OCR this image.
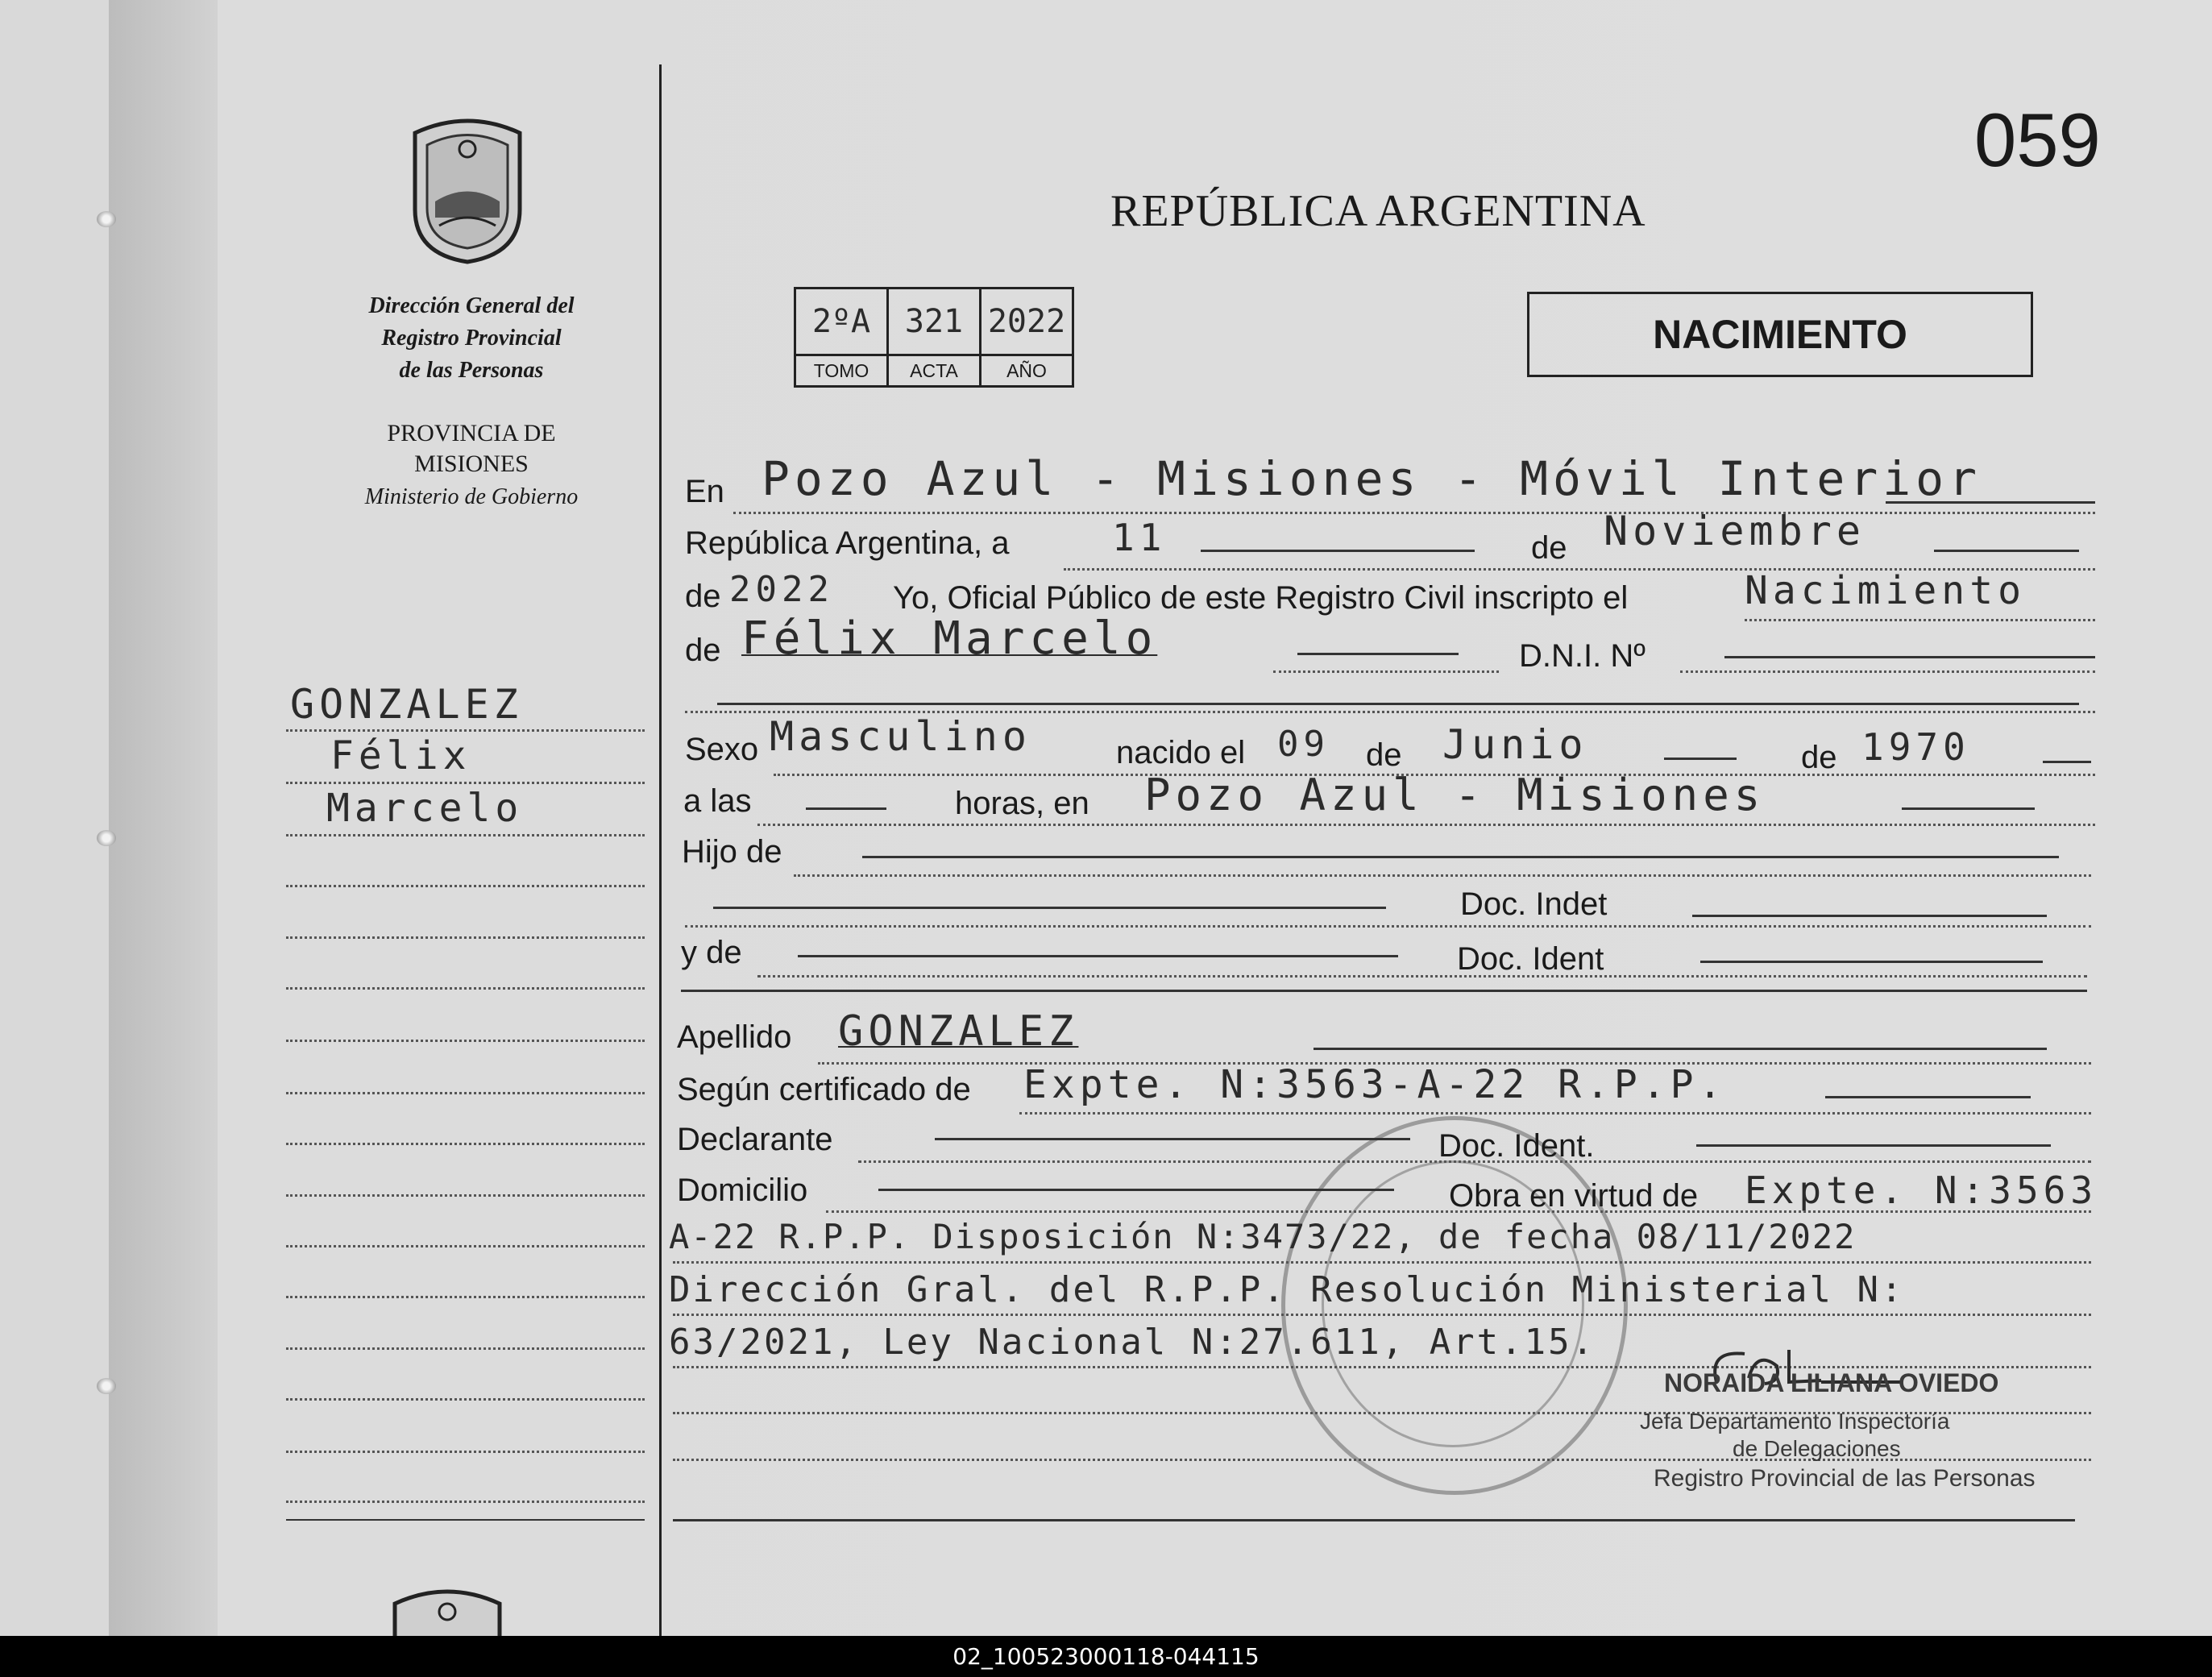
Dirección General del
Registro Provincial
de las Personas
PROVINCIA DE
MISIONES
Ministerio de Gobierno
GONZALEZ
Félix
Marcelo
059
REPÚBLICA ARGENTINA
NACIMIENTO
2ºA	321	2022
TOMO	ACTA	AÑO
En Pozo Azul - Misiones - Móvil Interior
República Argentina, a	11	de Noviembre
de 2022 Yo, Oficial Público de este Registro Civil inscripto el	Nacimiento
de Félix Marcelo	D.N.I. Nº
Sexo Masculino	nacido el 09 de Junio	de 1970
a las	horas, en Pozo Azul - Misiones
Hijo de
Doc. Indet
y de	Doc. Ident
Apellido GONZALEZ
Según certificado de Expte. N:3563-A-22 R.P.P.
Declarante	Doc. Ident.
Domicilio	Obra en virtud de Expte. N:3563
A-22 R.P.P. Disposición N:3473/22, de fecha 08/11/2022
Dirección Gral. del R.P.P. Resolución Ministerial N:
63/2021, Ley Nacional N:27.611, Art.15.
NORAIDA LILIANA OVIEDO
Jefa Departamento Inspectoría
de Delegaciones
Registro Provincial de las Personas
02_100523000118-044115
